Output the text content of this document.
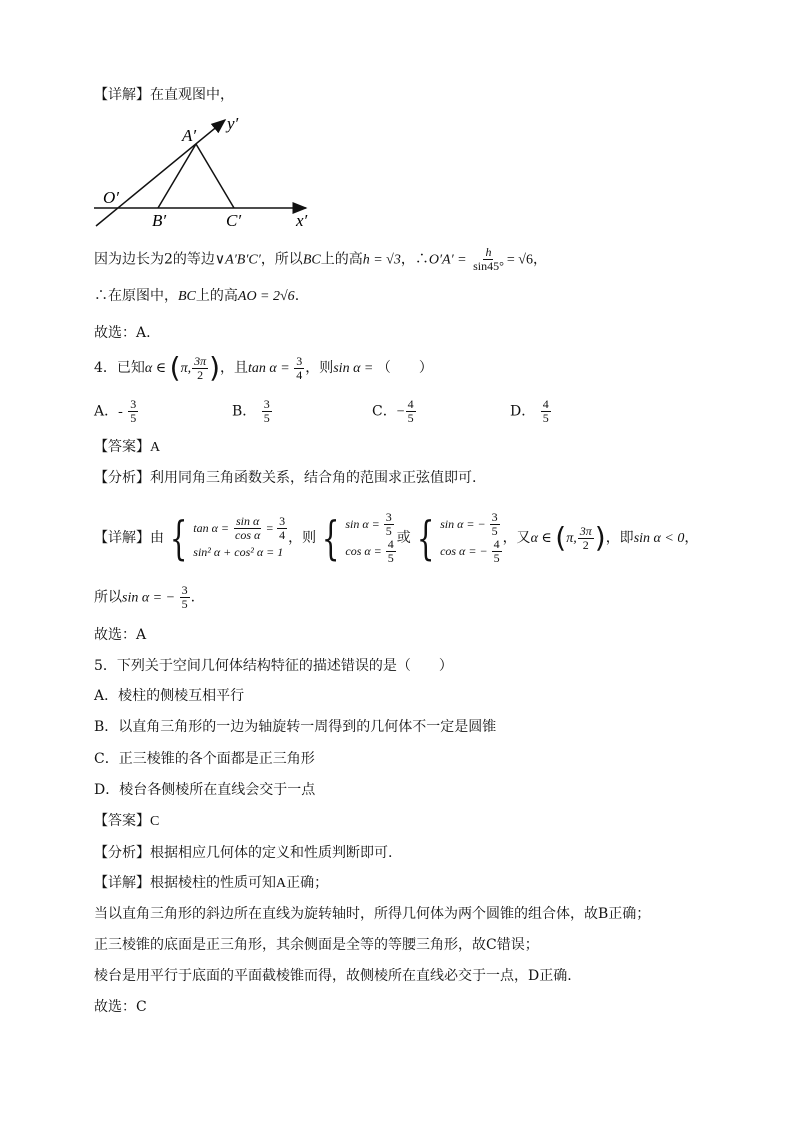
【详解】在直观图中，
A′
y′
O′
B′	C′	x′
因为边长为2的等边∨A′B′C′，所以BC上的高h = √3，∴O′A′ = $\frac{h}{\sin 45^\circ} = √6$，
∴在原图中，BC上的高AO = 2√6.
故选：A.
4．已知α ∈ (π, $\frac{3\pi}{2}$ )，且$\tan \alpha = \frac{3}{4}$ ，则sin α = （　　）
A．- $\frac{3}{5}$	B． $\frac{3}{5}$	C．− $\frac{4}{5}$	D． $\frac{4}{5}$
【答案】A
【分析】利用同角三角函数关系，结合角的范围求正弦值即可.
【详解】由 { $\tan \alpha = \frac{\text{sin α}}{\text{cos α}} = \frac{3}{4}$
sin² α + cos² α = 1
，则 { $\sin \alpha = \frac{3}{5}$
$\cos \alpha = \frac{4}{5}$ 或 { sin α = − $\frac{3}{5}$
cos α = − $\frac{4}{5}$ ，又α ∈ (π, $\frac{3\pi}{2}$ )，即sin α < 0，
所以sin α = − $\frac{3}{5}$ .
故选：A
5．下列关于空间几何体结构特征的描述错误的是（　　）
A．棱柱的侧棱互相平行
B．以直角三角形的一边为轴旋转一周得到的几何体不一定是圆锥
C．正三棱锥的各个面都是正三角形
D．棱台各侧棱所在直线会交于一点
【答案】C
【分析】根据相应几何体的定义和性质判断即可.
【详解】根据棱柱的性质可知A正确；
当以直角三角形的斜边所在直线为旋转轴时，所得几何体为两个圆锥的组合体，故B正确；
正三棱锥的底面是正三角形，其余侧面是全等的等腰三角形，故C错误；
棱台是用平行于底面的平面截棱锥而得，故侧棱所在直线必交于一点，D正确.
故选：C
